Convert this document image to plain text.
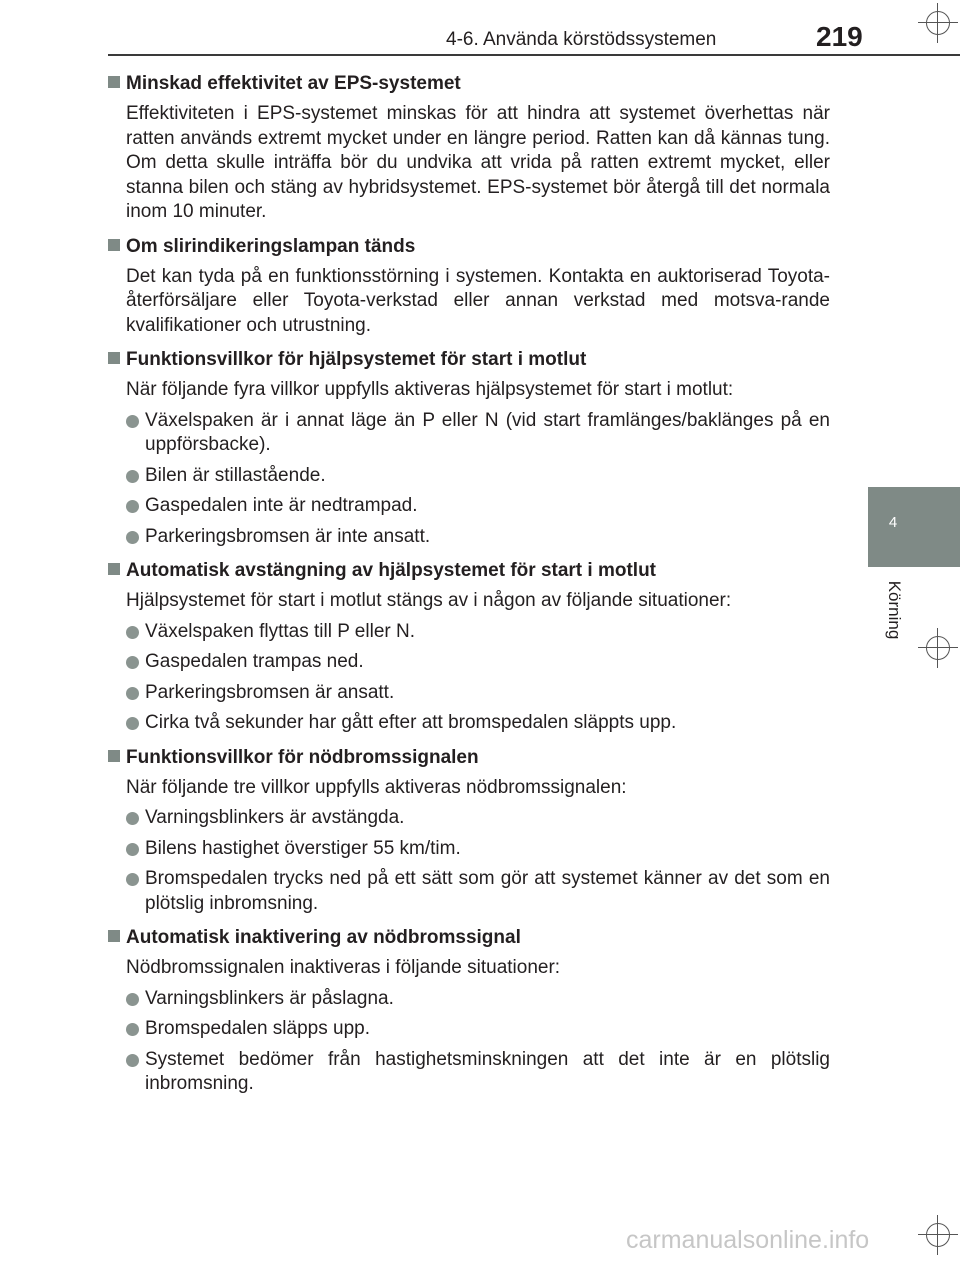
4-6. Använda körstödssystemen	219
4
Körning
Minskad effektivitet av EPS-systemet
Effektiviteten i EPS-systemet minskas för att hindra att systemet överhettas när ratten används extremt mycket under en längre period. Ratten kan då kännas tung. Om detta skulle inträffa bör du undvika att vrida på ratten extremt mycket, eller stanna bilen och stäng av hybridsystemet. EPS-systemet bör återgå till det normala inom 10 minuter.
Om slirindikeringslampan tänds
Det kan tyda på en funktionsstörning i systemen. Kontakta en auktoriserad Toyota-återförsäljare eller Toyota-verkstad eller annan verkstad med motsva-rande kvalifikationer och utrustning.
Funktionsvillkor för hjälpsystemet för start i motlut
När följande fyra villkor uppfylls aktiveras hjälpsystemet för start i motlut:
Växelspaken är i annat läge än P eller N (vid start framlänges/baklänges på en uppförsbacke).
Bilen är stillastående.
Gaspedalen inte är nedtrampad.
Parkeringsbromsen är inte ansatt.
Automatisk avstängning av hjälpsystemet för start i motlut
Hjälpsystemet för start i motlut stängs av i någon av följande situationer:
Växelspaken flyttas till P eller N.
Gaspedalen trampas ned.
Parkeringsbromsen är ansatt.
Cirka två sekunder har gått efter att bromspedalen släppts upp.
Funktionsvillkor för nödbromssignalen
När följande tre villkor uppfylls aktiveras nödbromssignalen:
Varningsblinkers är avstängda.
Bilens hastighet överstiger 55 km/tim.
Bromspedalen trycks ned på ett sätt som gör att systemet känner av det som en plötslig inbromsning.
Automatisk inaktivering av nödbromssignal
Nödbromssignalen inaktiveras i följande situationer:
Varningsblinkers är påslagna.
Bromspedalen släpps upp.
Systemet bedömer från hastighetsminskningen att det inte är en plötslig inbromsning.
carmanualsonline.info
